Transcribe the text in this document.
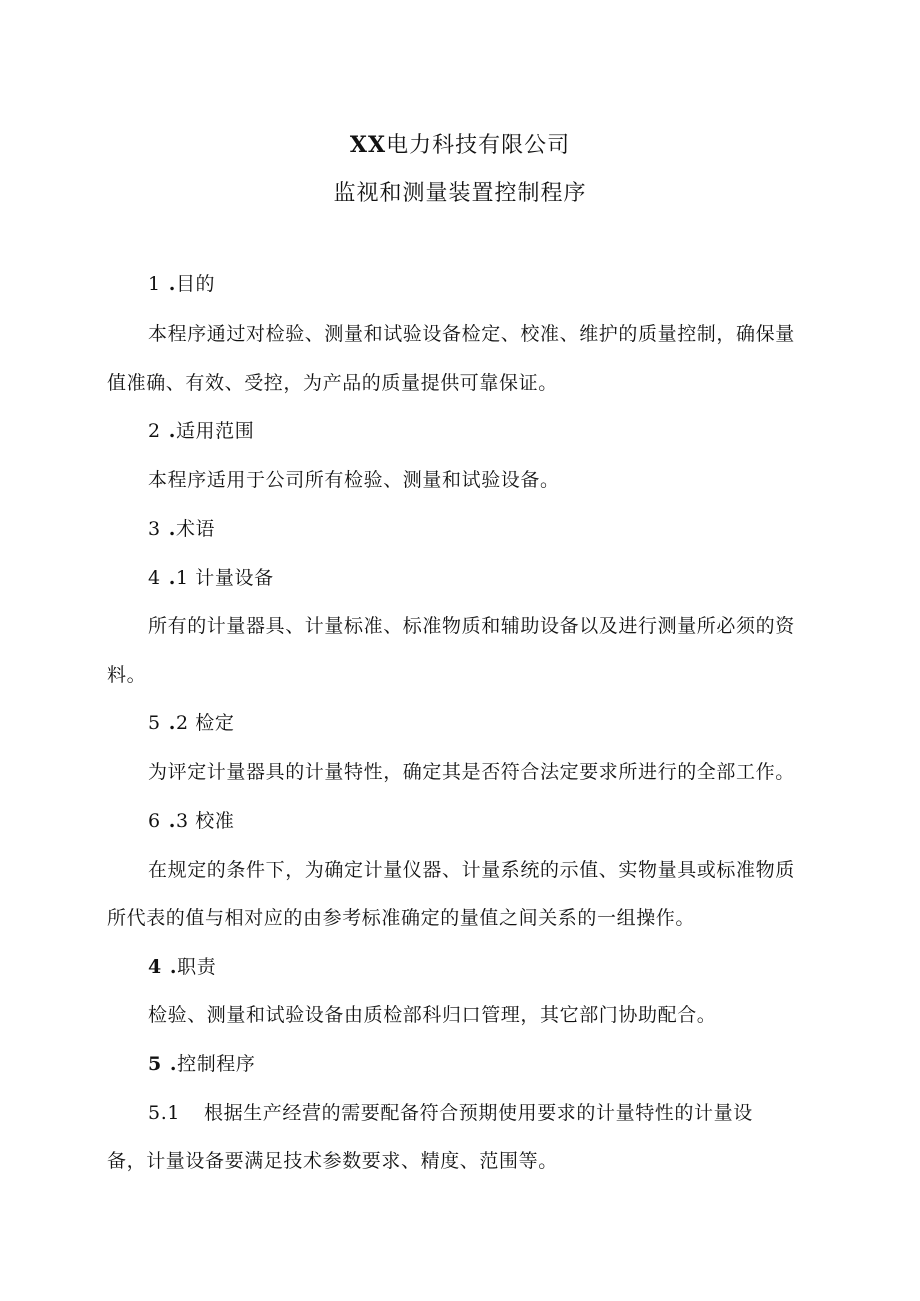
XX电力科技有限公司
监视和测量装置控制程序
1 .目的
本程序通过对检验、测量和试验设备检定、校准、维护的质量控制，确保量
值准确、有效、受控，为产品的质量提供可靠保证。
2 .适用范围
本程序适用于公司所有检验、测量和试验设备。
3 .术语
4 .1 计量设备
所有的计量器具、计量标准、标准物质和辅助设备以及进行测量所必须的资
料。
5 .2 检定
为评定计量器具的计量特性，确定其是否符合法定要求所进行的全部工作。
6 .3 校准
在规定的条件下，为确定计量仪器、计量系统的示值、实物量具或标准物质
所代表的值与相对应的由参考标准确定的量值之间关系的一组操作。
4 .职责
检验、测量和试验设备由质检部科归口管理，其它部门协助配合。
5 .控制程序
5.1 根据生产经营的需要配备符合预期使用要求的计量特性的计量设
备，计量设备要满足技术参数要求、精度、范围等。
